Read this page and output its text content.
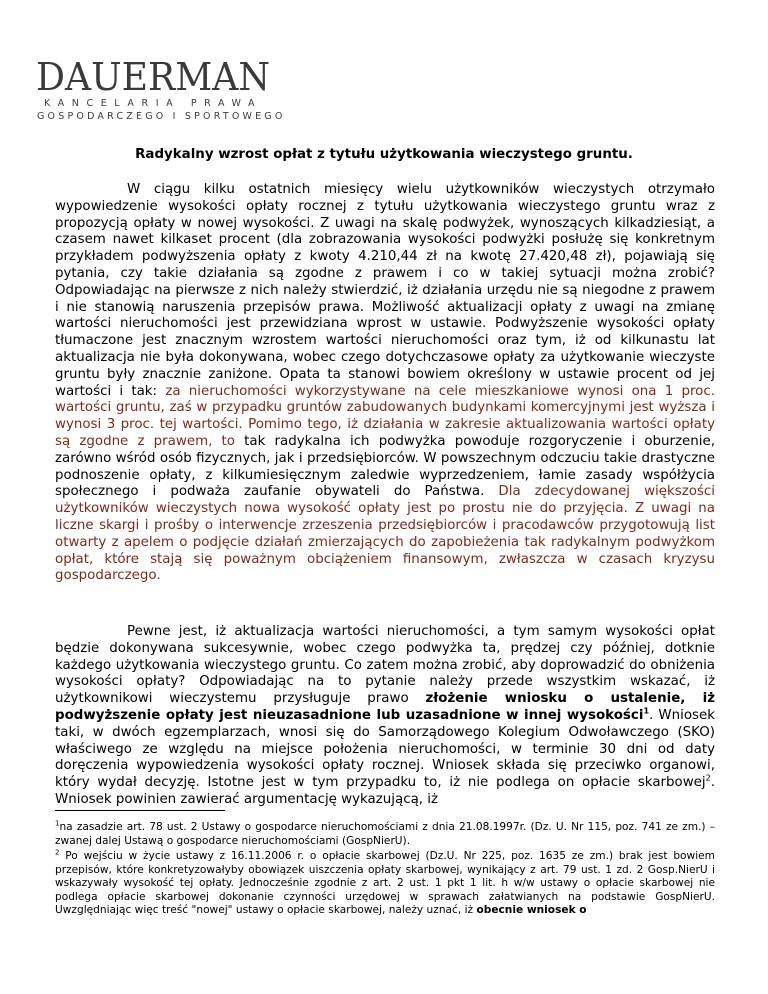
DAUERMAN
KANCELARIA PRAWA
GOSPODARCZEGO I SPORTOWEGO
Radykalny wzrost opłat z tytułu użytkowania wieczystego gruntu.

W ciągu kilku ostatnich miesięcy wielu użytkowników wieczystych otrzymało wypowiedzenie wysokości opłaty rocznej z tytułu użytkowania wieczystego gruntu wraz z propozycją opłaty w nowej wysokości. Z uwagi na skalę podwyżek, wynoszących kilkadziesiąt, a czasem nawet kilkaset procent (dla zobrazowania wysokości podwyżki posłużę się konkretnym przykładem podwyższenia opłaty z kwoty 4.210,44 zł na kwotę 27.420,48 zł), pojawiają się pytania, czy takie działania są zgodne z prawem i co w takiej sytuacji można zrobić? Odpowiadając na pierwsze z nich należy stwierdzić, iż działania urzędu nie są niegodne z prawem i nie stanowią naruszenia przepisów prawa. Możliwość aktualizacji opłaty z uwagi na zmianę wartości nieruchomości jest przewidziana wprost w ustawie. Podwyższenie wysokości opłaty tłumaczone jest znacznym wzrostem wartości nieruchomości oraz tym, iż od kilkunastu lat aktualizacja nie była dokonywana, wobec czego dotychczasowe opłaty za użytkowanie wieczyste gruntu były znacznie zaniżone. Opata ta stanowi bowiem określony w ustawie procent od jej wartości i tak: za nieruchomości wykorzystywane na cele mieszkaniowe wynosi ona 1 proc. wartości gruntu, zaś w przypadku gruntów zabudowanych budynkami komercyjnymi jest wyższa i wynosi 3 proc. tej wartości. Pomimo tego, iż działania w zakresie aktualizowania wartości opłaty są zgodne z prawem, to tak radykalna ich podwyżka powoduje rozgoryczenie i oburzenie, zarówno wśród osób fizycznych, jak i przedsiębiorców. W powszechnym odczuciu takie drastyczne podnoszenie opłaty, z kilkumiesięcznym zaledwie wyprzedzeniem, łamie zasady współżycia społecznego i podważa zaufanie obywateli do Państwa. Dla zdecydowanej większości użytkowników wieczystych nowa wysokość opłaty jest po prostu nie do przyjęcia. Z uwagi na liczne skargi i prośby o interwencje zrzeszenia przedsiębiorców i pracodawców przygotowują list otwarty z apelem o podjęcie działań zmierzających do zapobieżenia tak radykalnym podwyżkom opłat, które stają się poważnym obciążeniem finansowym, zwłaszcza w czasach kryzysu gospodarczego.

Pewne jest, iż aktualizacja wartości nieruchomości, a tym samym wysokości opłat będzie dokonywana sukcesywnie, wobec czego podwyżka ta, prędzej czy później, dotknie każdego użytkowania wieczystego gruntu. Co zatem można zrobić, aby doprowadzić do obniżenia wysokości opłaty? Odpowiadając na to pytanie należy przede wszystkim wskazać, iż użytkownikowi wieczystemu przysługuje prawo złożenie wniosku o ustalenie, iż podwyższenie opłaty jest nieuzasadnione lub uzasadnione w innej wysokości$^1$. Wniosek taki, w dwóch egzemplarzach, wnosi się do Samorządowego Kolegium Odwoławczego (SKO) właściwego ze względu na miejsce położenia nieruchomości, w terminie 30 dni od daty doręczenia wypowiedzenia wysokości opłaty rocznej. Wniosek składa się przeciwko organowi, który wydał decyzję. Istotne jest w tym przypadku to, iż nie podlega on opłacie skarbowej$^2$. Wniosek powinien zawierać argumentację wykazującą, iż

$^1$na zasadzie art. 78 ust. 2 Ustawy o gospodarce nieruchomościami z dnia 21.08.1997r. (Dz. U. Nr 115, poz. 741 ze zm.) – zwanej dalej Ustawą o gospodarce nieruchomościami (GospNierU).
$^2$ Po wejściu w życie ustawy z 16.11.2006 r. o opłacie skarbowej (Dz.U. Nr 225, poz. 1635 ze zm.) brak jest bowiem przepisów, które konkretyzowałyby obowiązek uiszczenia opłaty skarbowej, wynikający z art. 79 ust. 1 zd. 2 Gosp.NierU i wskazywały wysokość tej opłaty. Jednocześnie zgodnie z art. 2 ust. 1 pkt 1 lit. h w/w ustawy o opłacie skarbowej nie podlega opłacie skarbowej dokonanie czynności urzędowej w sprawach załatwianych na podstawie GospNierU. Uwzględniając więc treść "nowej" ustawy o opłacie skarbowej, należy uznać, iż obecnie wniosek o
